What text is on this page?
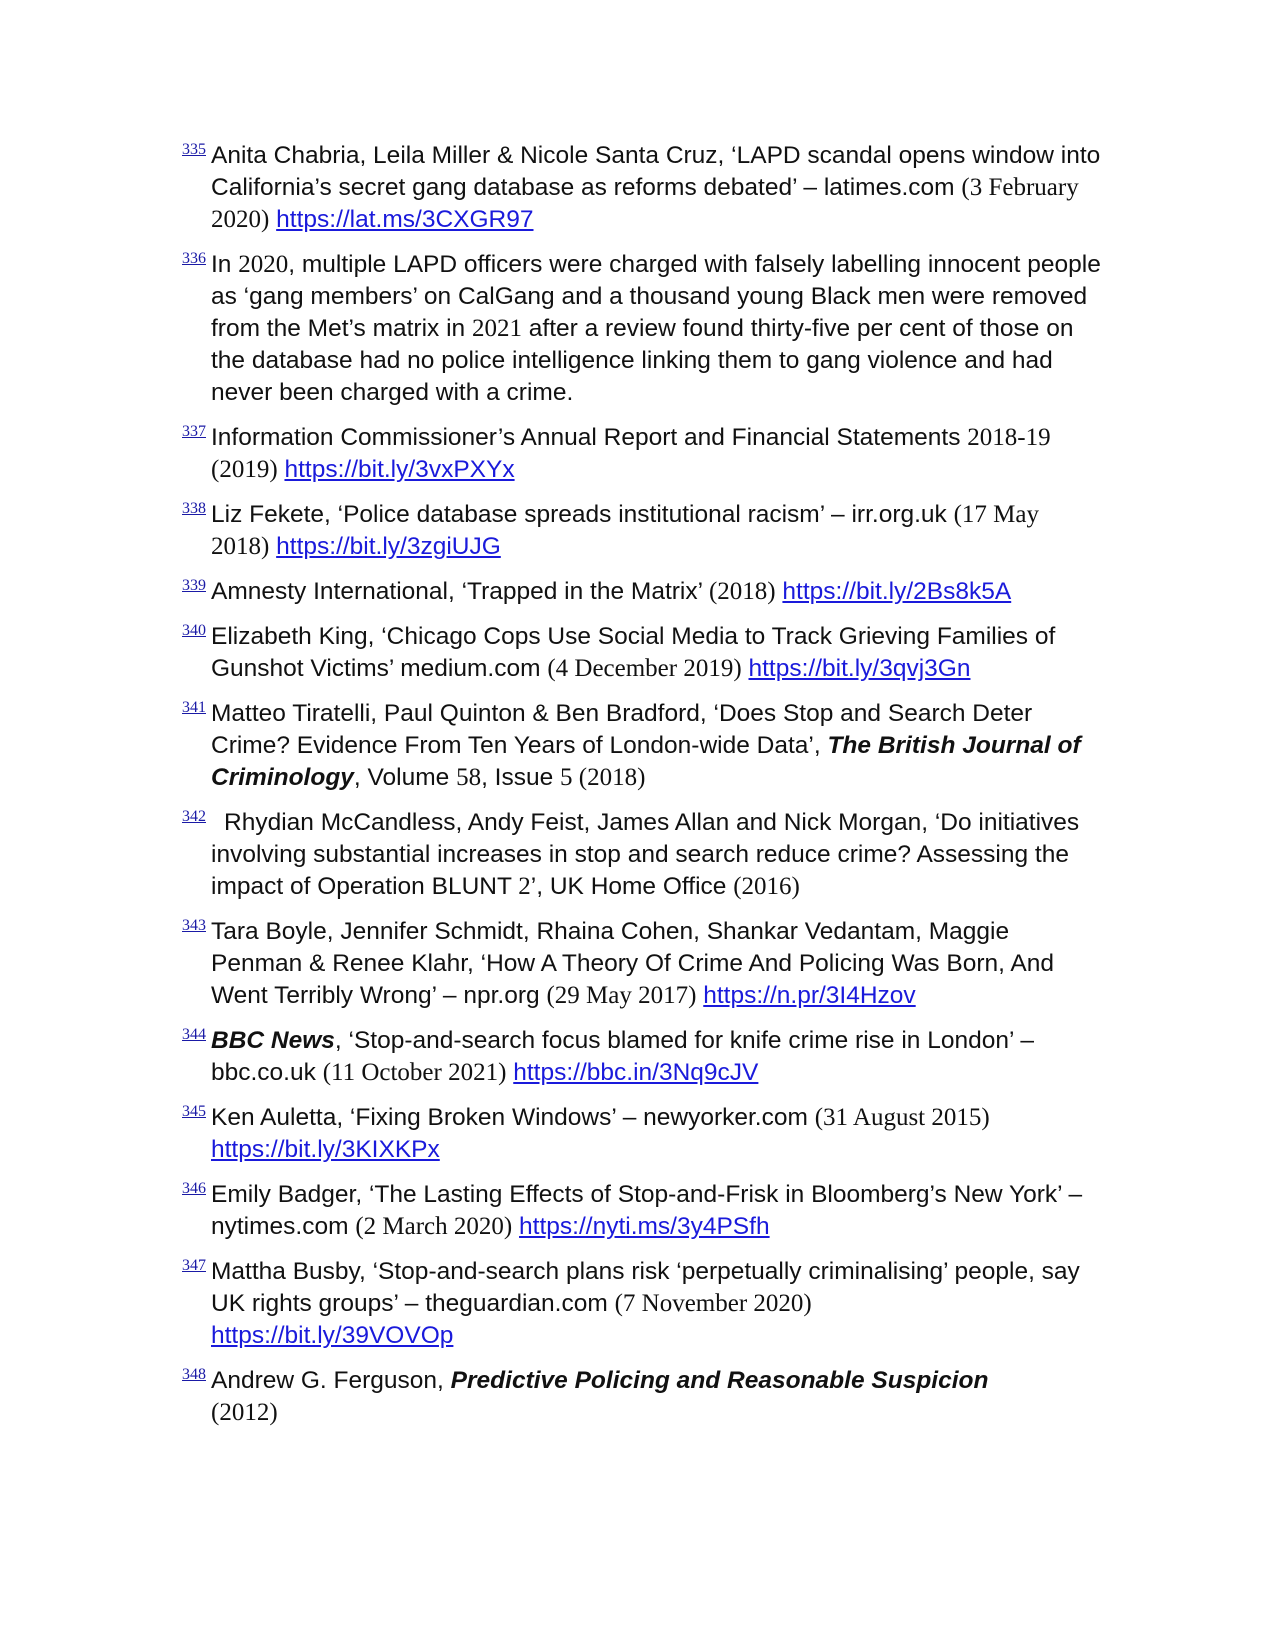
$^{335}$ Anita Chabria, Leila Miller & Nicole Santa Cruz, ‘LAPD scandal opens window into California’s secret gang database as reforms debated’ – latimes.com (3 February 2020) https://lat.ms/3CXGR97

$^{336}$ In 2020, multiple LAPD officers were charged with falsely labelling innocent people as ‘gang members’ on CalGang and a thousand young Black men were removed from the Met’s matrix in 2021 after a review found thirty-five per cent of those on the database had no police intelligence linking them to gang violence and had never been charged with a crime.

$^{337}$ Information Commissioner’s Annual Report and Financial Statements 2018-19 (2019) https://bit.ly/3vxPXYx

$^{338}$ Liz Fekete, ‘Police database spreads institutional racism’ – irr.org.uk (17 May 2018) https://bit.ly/3zgiUJG

$^{339}$ Amnesty International, ‘Trapped in the Matrix’ (2018) https://bit.ly/2Bs8k5A

$^{340}$ Elizabeth King, ‘Chicago Cops Use Social Media to Track Grieving Families of Gunshot Victims’ medium.com (4 December 2019) https://bit.ly/3qvj3Gn

$^{341}$ Matteo Tiratelli, Paul Quinton & Ben Bradford, ‘Does Stop and Search Deter Crime? Evidence From Ten Years of London-wide Data’, The British Journal of Criminology, Volume 58, Issue 5 (2018)

$^{342}$ Rhydian McCandless, Andy Feist, James Allan and Nick Morgan, ‘Do initiatives involving substantial increases in stop and search reduce crime? Assessing the impact of Operation BLUNT 2’, UK Home Office (2016)

$^{343}$ Tara Boyle, Jennifer Schmidt, Rhaina Cohen, Shankar Vedantam, Maggie Penman & Renee Klahr, ‘How A Theory Of Crime And Policing Was Born, And Went Terribly Wrong’ – npr.org (29 May 2017) https://n.pr/3I4Hzov

$^{344}$ BBC News, ‘Stop-and-search focus blamed for knife crime rise in London’ – bbc.co.uk (11 October 2021) https://bbc.in/3Nq9cJV

$^{345}$ Ken Auletta, ‘Fixing Broken Windows’ – newyorker.com (31 August 2015)
https://bit.ly/3KIXKPx

$^{346}$ Emily Badger, ‘The Lasting Effects of Stop-and-Frisk in Bloomberg’s New York’ – nytimes.com (2 March 2020) https://nyti.ms/3y4PSfh

$^{347}$ Mattha Busby, ‘Stop-and-search plans risk ‘perpetually criminalising’ people, say UK rights groups’ – theguardian.com (7 November 2020)
https://bit.ly/39VOVOp

$^{348}$ Andrew G. Ferguson, Predictive Policing and Reasonable Suspicion
(2012)
